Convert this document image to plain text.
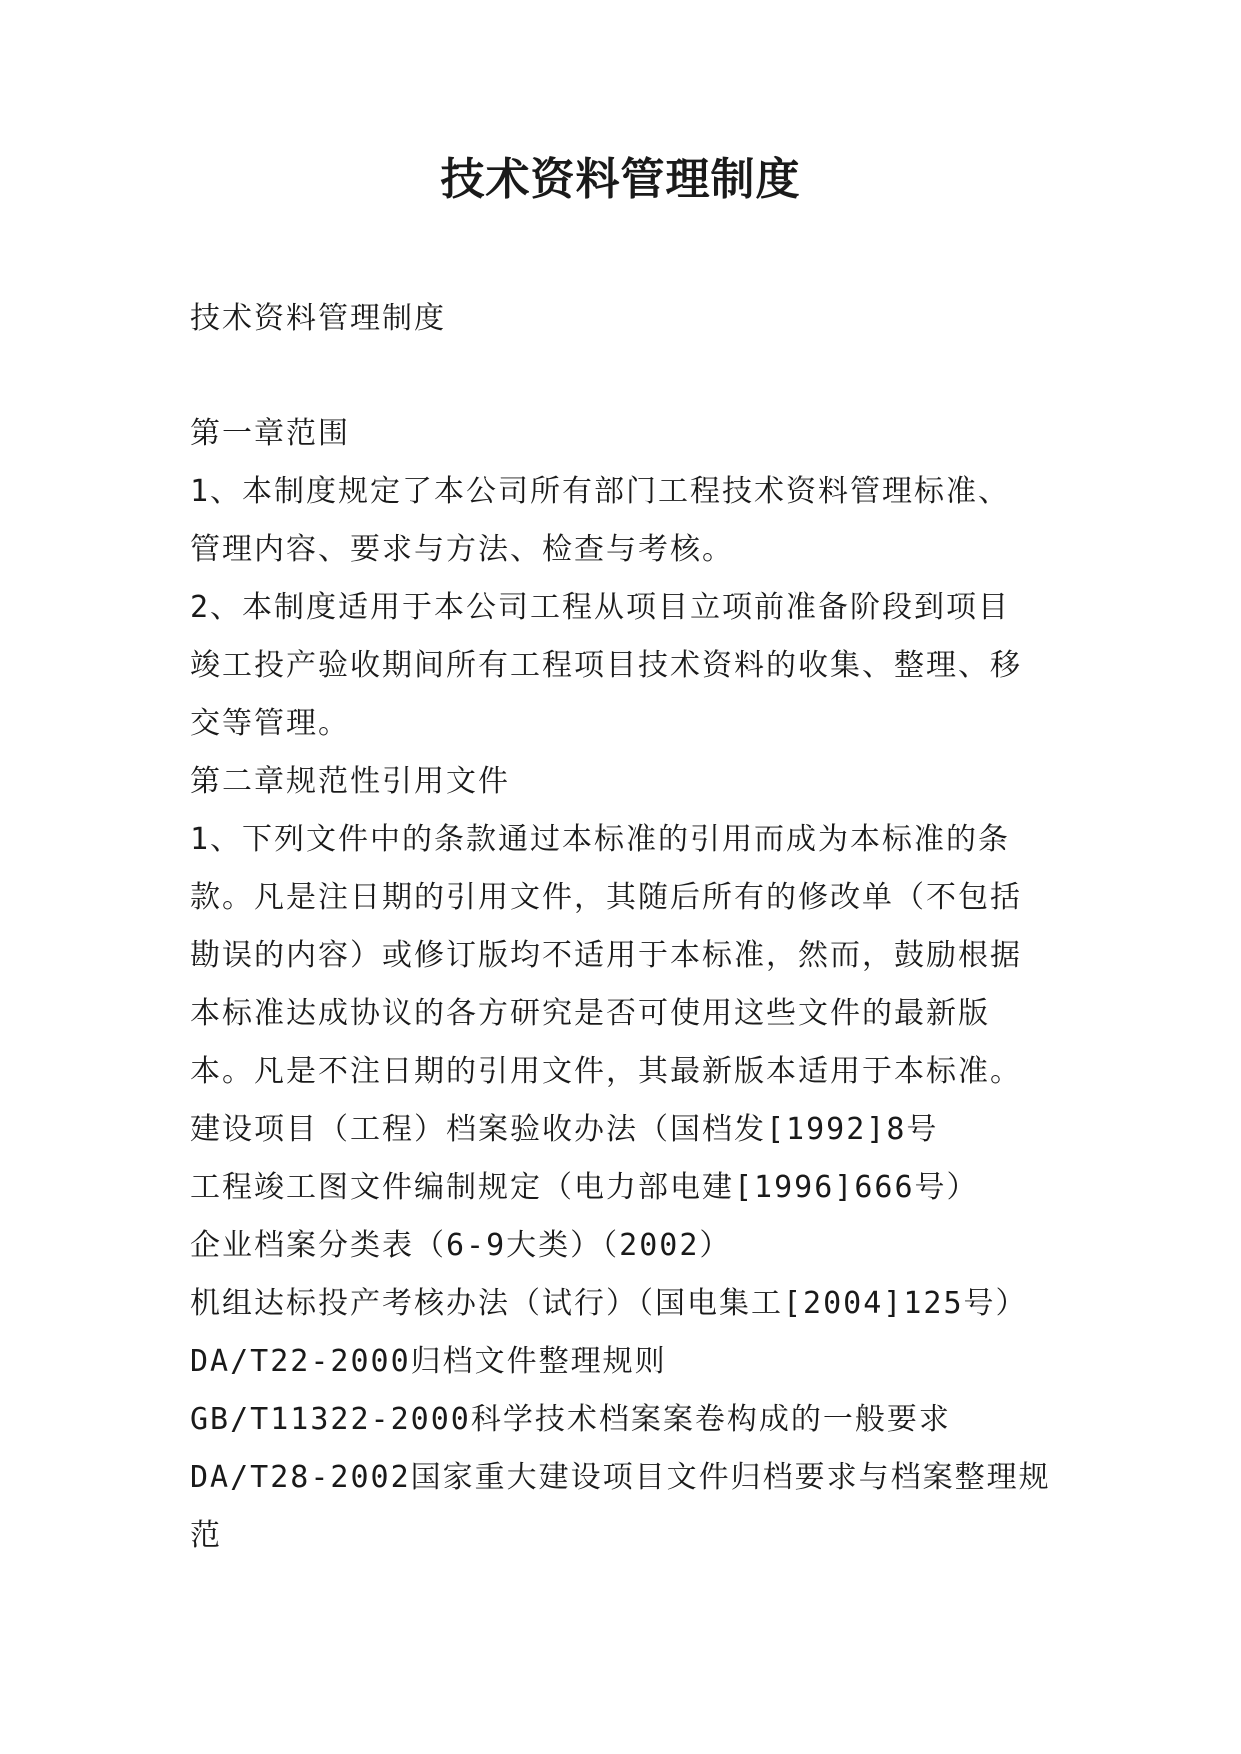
技术资料管理制度
技术资料管理制度
第一章范围
1、本制度规定了本公司所有部门工程技术资料管理标准、
管理内容、要求与方法、检查与考核。
2、本制度适用于本公司工程从项目立项前准备阶段到项目
竣工投产验收期间所有工程项目技术资料的收集、整理、移
交等管理。
第二章规范性引用文件
1、下列文件中的条款通过本标准的引用而成为本标准的条
款。凡是注日期的引用文件，其随后所有的修改单（不包括
勘误的内容）或修订版均不适用于本标准，然而，鼓励根据
本标准达成协议的各方研究是否可使用这些文件的最新版
本。凡是不注日期的引用文件，其最新版本适用于本标准。
建设项目（工程）档案验收办法（国档发[1992]8号
工程竣工图文件编制规定（电力部电建[1996]666号）
企业档案分类表（6-9大类）（2002）
机组达标投产考核办法（试行）（国电集工[2004]125号）
DA/T22-2000归档文件整理规则
GB/T11322-2000科学技术档案案卷构成的一般要求
DA/T28-2002国家重大建设项目文件归档要求与档案整理规
范
